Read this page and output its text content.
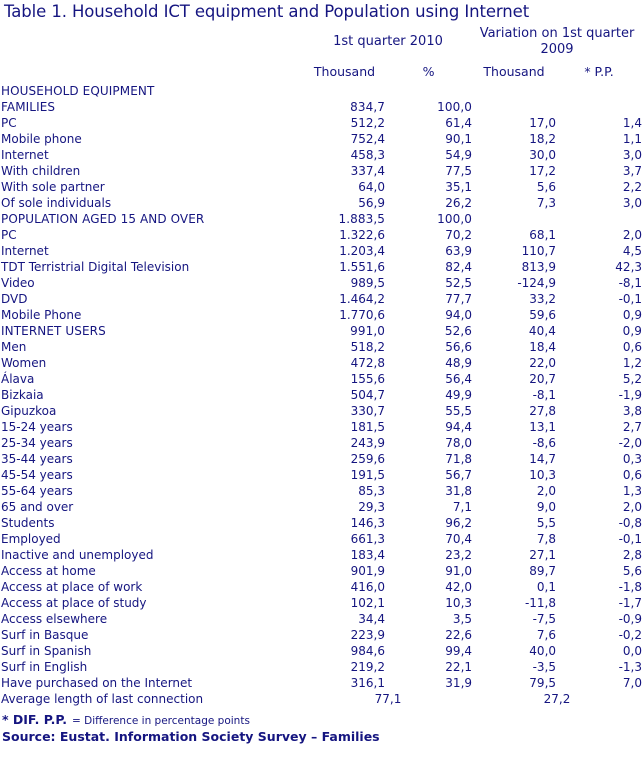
Table 1. Household ICT equipment and Population using Internet
	1st quarter 2010		Variation on 1st quarter 2009	
	Thousand	%	Thousand	* P.P.
HOUSEHOLD EQUIPMENT				
FAMILIES	834,7	100,0		
PC	512,2	61,4	17,0	1,4
Mobile phone	752,4	90,1	18,2	1,1
Internet	458,3	54,9	30,0	3,0
With children	337,4	77,5	17,2	3,7
With sole partner	64,0	35,1	5,6	2,2
Of sole individuals	56,9	26,2	7,3	3,0
POPULATION AGED 15 AND OVER	1.883,5	100,0		
PC	1.322,6	70,2	68,1	2,0
Internet	1.203,4	63,9	110,7	4,5
TDT Terristrial Digital Television	1.551,6	82,4	813,9	42,3
Video	989,5	52,5	-124,9	-8,1
DVD	1.464,2	77,7	33,2	-0,1
Mobile Phone	1.770,6	94,0	59,6	0,9
INTERNET USERS	991,0	52,6	40,4	0,9
Men	518,2	56,6	18,4	0,6
Women	472,8	48,9	22,0	1,2
Álava	155,6	56,4	20,7	5,2
Bizkaia	504,7	49,9	-8,1	-1,9
Gipuzkoa	330,7	55,5	27,8	3,8
15-24 years	181,5	94,4	13,1	2,7
25-34 years	243,9	78,0	-8,6	-2,0
35-44 years	259,6	71,8	14,7	0,3
45-54 years	191,5	56,7	10,3	0,6
55-64 years	85,3	31,8	2,0	1,3
65 and over	29,3	7,1	9,0	2,0
Students	146,3	96,2	5,5	-0,8
Employed	661,3	70,4	7,8	-0,1
Inactive and unemployed	183,4	23,2	27,1	2,8
Access at home	901,9	91,0	89,7	5,6
Access at place of work	416,0	42,0	0,1	-1,8
Access at place of study	102,1	10,3	-11,8	-1,7
Access elsewhere	34,4	3,5	-7,5	-0,9
Surf in Basque	223,9	22,6	7,6	-0,2
Surf in Spanish	984,6	99,4	40,0	0,0
Surf in English	219,2	22,1	-3,5	-1,3
Have purchased on the Internet	316,1	31,9	79,5	7,0
Average length of last connection	77,1		27,2	
* DIF. P.P. = Difference in percentage points
Source: Eustat. Information Society Survey – Families
